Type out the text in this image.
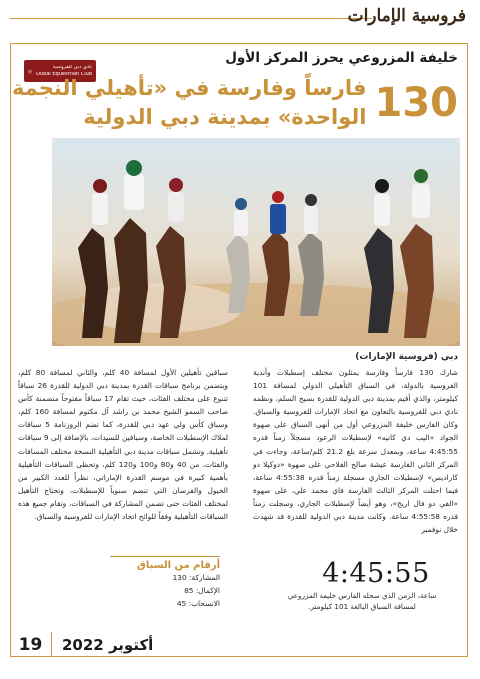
فروسية الإمارات
خليفة المزروعي يحرز المركز الأول
نادي دبي للفروسية
Dubai Equestrian Club
130
فارساً وفارسة في «تأهيلي النجمة
الواحدة» بمدينة دبي الدولية
دبي (فروسية الإمارات)
شارك 130 فارساً وفارسة يمثلون مختلف إسطبلات وأندية الفروسية بالدولة، في السباق التأهيلي الدولي لمسافة 101 كيلومتر، والذي أقيم بمدينة دبي الدولية للقدرة بسيح السلم، ونظمه نادي دبي للفروسية بالتعاون مع اتحاد الإمارات للفروسية والسباق. وكان الفارس خليفة المزروعي أول من أنهى السباق على صهوة الجواد «اليب دي كانيه» لإسطبلات الرعود مسجلاً زمناً قدره 4:45:55 ساعة، وبمعدل سرعة بلغ 21.2 كلم/ساعة، وجاءت في المركز الثاني الفارسة عيشة صالح الفلاحي على صهوة «دوكيلا دو كاراديس» لإسطبلات الجاري مسجلة زمناً قدره 4:55:38 ساعة، فيما احتلت المركز الثالث الفارسة فاي محمد علي، على صهوة «الفي دو فال اريج»، وهو أيضاً لإسطبلات الجاري، وسجلت زمناً قدره 4:55:58 ساعة. وكانت مدينة دبي الدولية للقدرة قد شهدت خلال نوفمبر
سباقين تأهيلين الأول لمسافة 40 كلم، والثاني لمسافة 80 كلم، ويتضمن برنامج سباقات القدرة بمدينة دبي الدولية للقدرة 26 سباقاً تتنوع على مختلف الفئات، حيث تقام 17 سباقاً مفتوحاً متضمنة كأس صاحب السمو الشيخ محمد بن راشد آل مكتوم لمسافة 160 كلم، وسباق كأس ولي عهد دبي للقدرة، كما تضم الروزنامة 5 سباقات لملاك الإسطبلات الخاصة، وسباقين للسيدات، بالإضافة إلى 9 سباقات تأهيلية. وتشمل سباقات مدينة دبي التأهيلية النسخة مختلف المسافات والفئات، من 40 و80 و100 و120 كلم، وتحظى السباقات التأهيلية بأهمية كبيرة في موسم القدرة الإماراتي، نظراً للعدد الكبير من الخيول والفرسان التي تنضم سنوياً للإسطبلات، وتحتاج التأهيل لمختلف الفئات حتى تضمن المشاركة في السباقات، وتقام جميع هذه السباقات التأهيلية وفقاً للوائح اتحاد الإمارات للفروسية والسباق.
أرقام من السباق
المشاركة: 130
الإكمال: 85
الانسحاب: 45
4:45:55
ساعة، الزمن الذي سجله الفارس خليفة المزروعي لمسافة السباق البالغة 101 كيلومتر.
19	أكتوبر 2022
